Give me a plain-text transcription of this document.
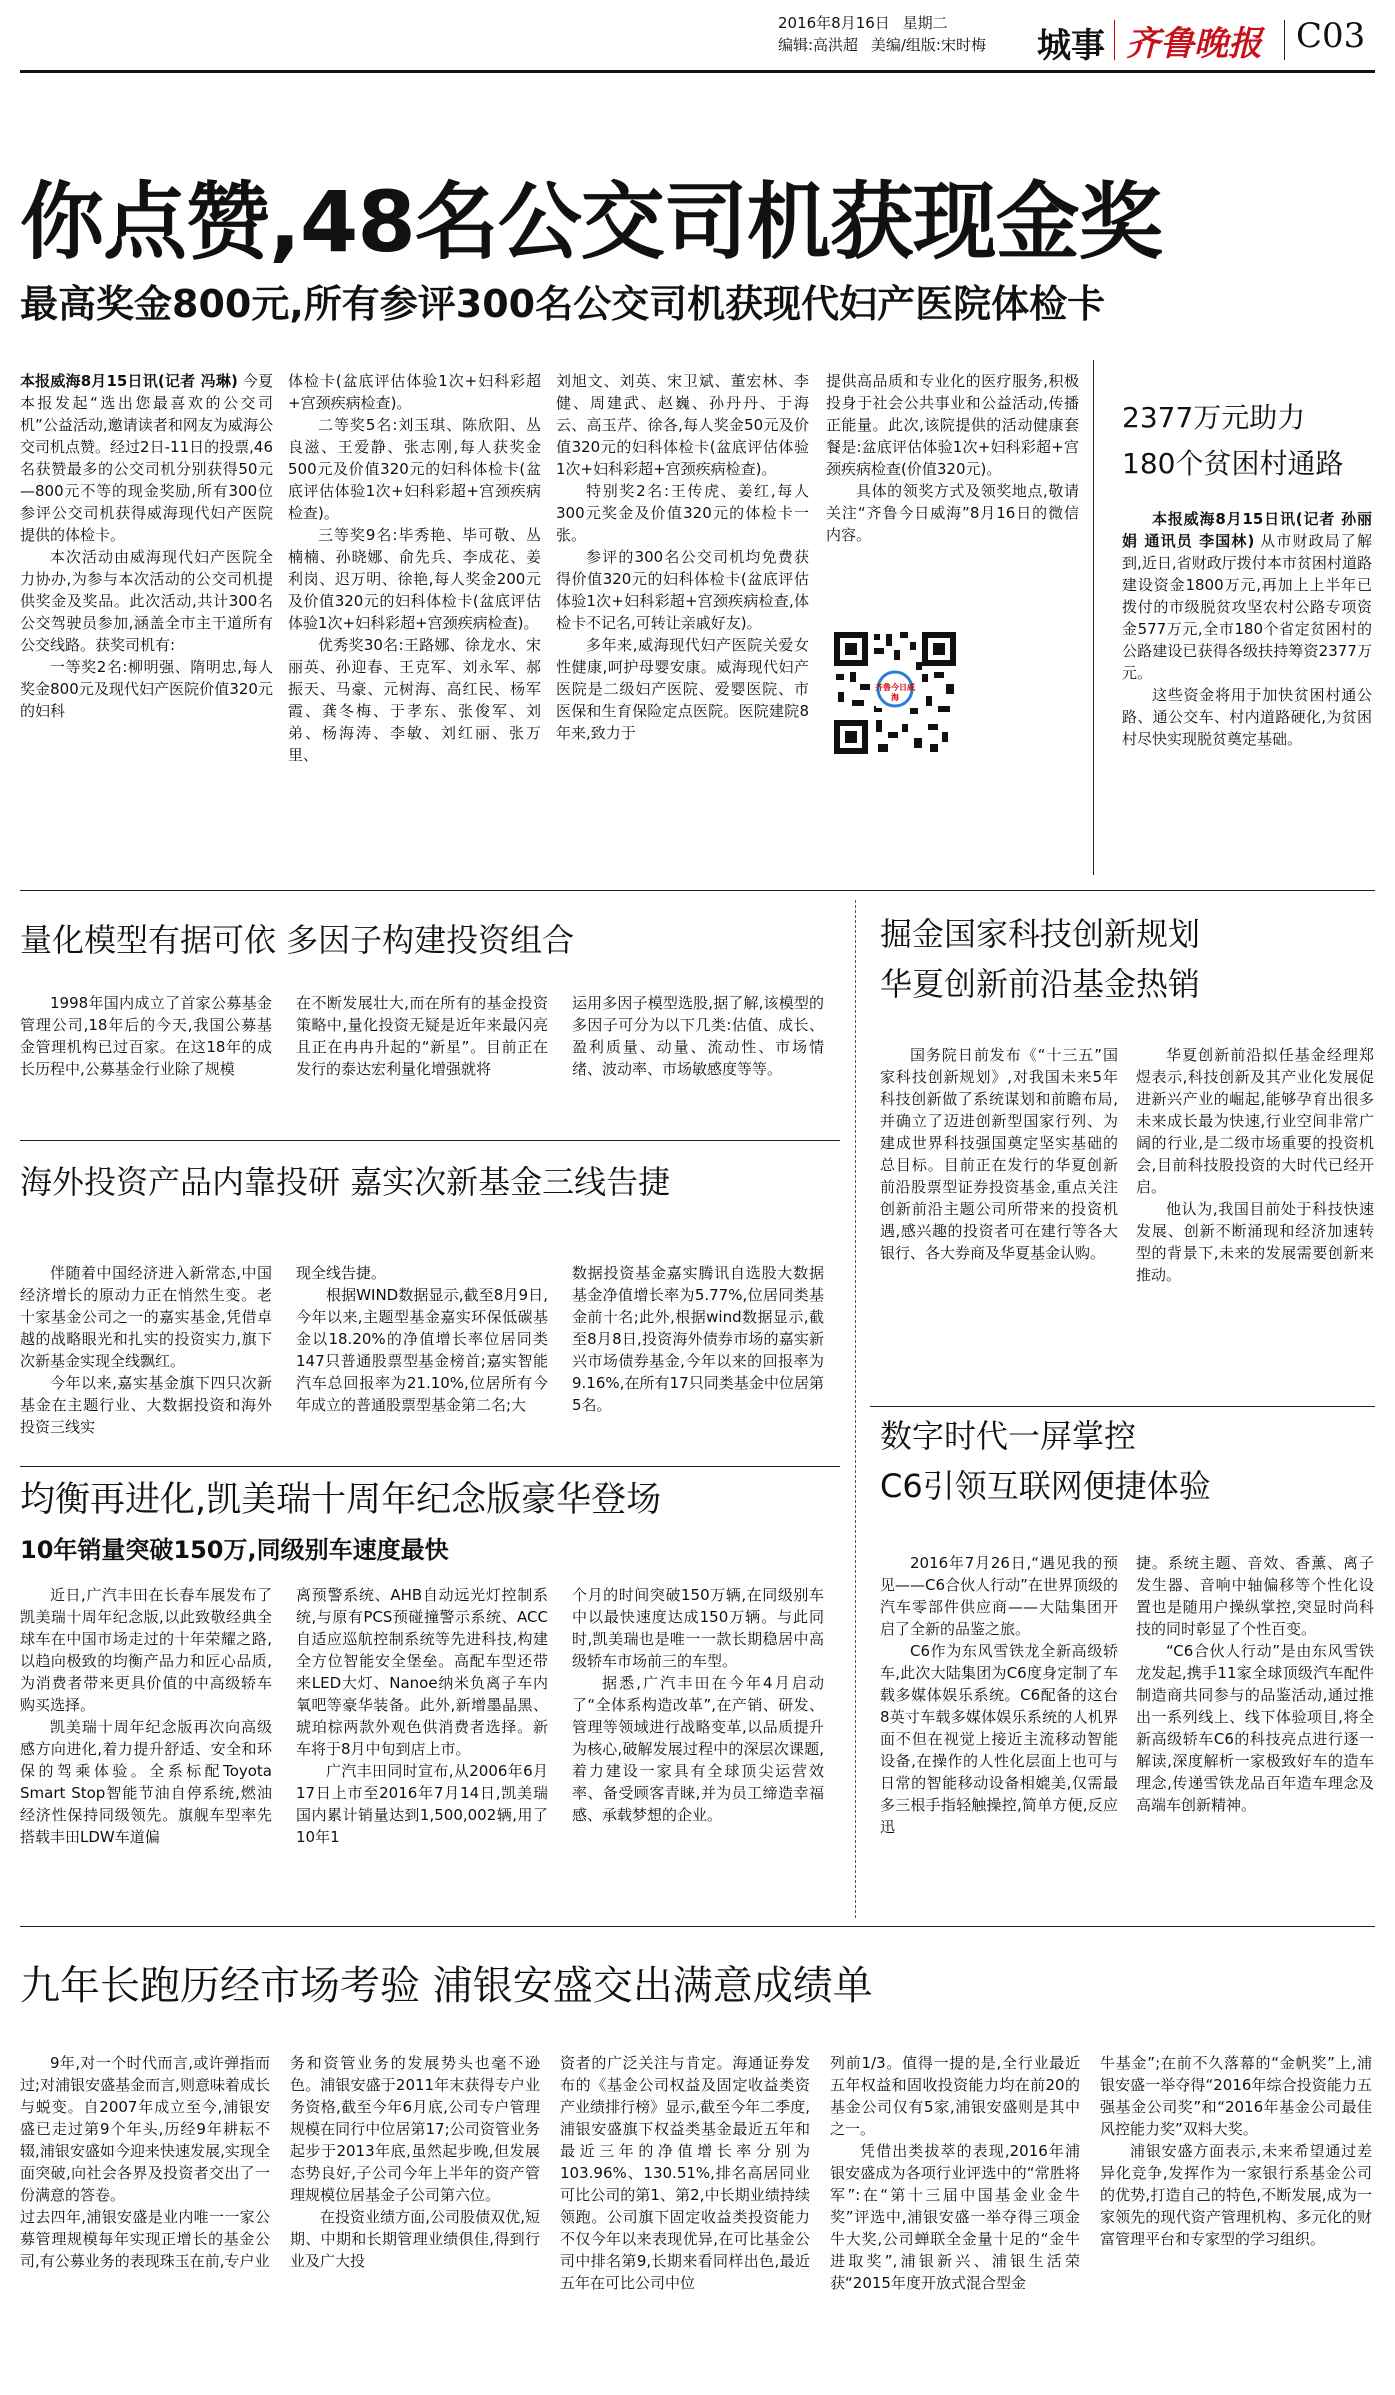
2016年8月16日 星期二
编辑:高洪超 美编/组版:宋时梅 城事 齐鲁晚报 C03
你点赞,48名公交司机获现金奖
最高奖金800元,所有参评300名公交司机获现代妇产医院体检卡

本报威海8月15日讯(记者 冯琳) 今夏本报发起“选出您最喜欢的公交司机”公益活动,邀请读者和网友为威海公交司机点赞。经过2日-11日的投票,46名获赞最多的公交司机分别获得50元—800元不等的现金奖励,所有300位参评公交司机获得威海现代妇产医院提供的体检卡。

本次活动由威海现代妇产医院全力协办,为参与本次活动的公交司机提供奖金及奖品。此次活动,共计300名公交驾驶员参加,涵盖全市主干道所有公交线路。获奖司机有:

一等奖2名:柳明强、隋明忠,每人奖金800元及现代妇产医院价值320元的妇科

体检卡(盆底评估体验1次+妇科彩超+宫颈疾病检查)。

二等奖5名:刘玉琪、陈欣阳、丛良滋、王爱静、张志刚,每人获奖金500元及价值320元的妇科体检卡(盆底评估体验1次+妇科彩超+宫颈疾病检查)。

三等奖9名:毕秀艳、毕可敬、丛楠楠、孙晓娜、俞先兵、李成花、姜利岗、迟万明、徐艳,每人奖金200元及价值320元的妇科体检卡(盆底评估体验1次+妇科彩超+宫颈疾病检查)。

优秀奖30名:王路娜、徐龙水、宋丽英、孙迎春、王克军、刘永军、郝振天、马豪、元树海、高红民、杨军霞、龚冬梅、于孝东、张俊军、刘弟、杨海涛、李敏、刘红丽、张万里、

刘旭文、刘英、宋卫斌、董宏林、李健、周建武、赵巍、孙丹丹、于海云、高玉芹、徐各,每人奖金50元及价值320元的妇科体检卡(盆底评估体验1次+妇科彩超+宫颈疾病检查)。

特别奖2名:王传虎、姜红,每人300元奖金及价值320元的体检卡一张。

参评的300名公交司机均免费获得价值320元的妇科体检卡(盆底评估体验1次+妇科彩超+宫颈疾病检查,体检卡不记名,可转让亲戚好友)。

多年来,威海现代妇产医院关爱女性健康,呵护母婴安康。威海现代妇产医院是二级妇产医院、爱婴医院、市医保和生育保险定点医院。医院建院8年来,致力于

提供高品质和专业化的医疗服务,积极投身于社会公共事业和公益活动,传播正能量。此次,该院提供的活动健康套餐是:盆底评估体验1次+妇科彩超+宫颈疾病检查(价值320元)。

具体的领奖方式及领奖地点,敬请关注“齐鲁今日威海”8月16日的微信内容。

齐鲁今日威海
2377万元助力
180个贫困村通路

本报威海8月15日讯(记者 孙丽娟 通讯员 李国林) 从市财政局了解到,近日,省财政厅拨付本市贫困村道路建设资金1800万元,再加上上半年已拨付的市级脱贫攻坚农村公路专项资金577万元,全市180个省定贫困村的公路建设已获得各级扶持筹资2377万元。

这些资金将用于加快贫困村通公路、通公交车、村内道路硬化,为贫困村尽快实现脱贫奠定基础。

量化模型有据可依 多因子构建投资组合

1998年国内成立了首家公募基金管理公司,18年后的今天,我国公募基金管理机构已过百家。在这18年的成长历程中,公募基金行业除了规模

在不断发展壮大,而在所有的基金投资策略中,量化投资无疑是近年来最闪亮且正在冉冉升起的“新星”。目前正在发行的泰达宏利量化增强就将

运用多因子模型选股,据了解,该模型的多因子可分为以下几类:估值、成长、盈利质量、动量、流动性、市场情绪、波动率、市场敏感度等等。

海外投资产品内靠投研 嘉实次新基金三线告捷

伴随着中国经济进入新常态,中国经济增长的原动力正在悄然生变。老十家基金公司之一的嘉实基金,凭借卓越的战略眼光和扎实的投资实力,旗下次新基金实现全线飘红。

今年以来,嘉实基金旗下四只次新基金在主题行业、大数据投资和海外投资三线实

现全线告捷。

根据WIND数据显示,截至8月9日,今年以来,主题型基金嘉实环保低碳基金以18.20%的净值增长率位居同类147只普通股票型基金榜首;嘉实智能汽车总回报率为21.10%,位居所有今年成立的普通股票型基金第二名;大

数据投资基金嘉实腾讯自选股大数据基金净值增长率为5.77%,位居同类基金前十名;此外,根据wind数据显示,截至8月8日,投资海外债券市场的嘉实新兴市场债券基金,今年以来的回报率为9.16%,在所有17只同类基金中位居第5名。

掘金国家科技创新规划
华夏创新前沿基金热销

国务院日前发布《“十三五”国家科技创新规划》,对我国未来5年科技创新做了系统谋划和前瞻布局,并确立了迈进创新型国家行列、为建成世界科技强国奠定坚实基础的总目标。目前正在发行的华夏创新前沿股票型证券投资基金,重点关注创新前沿主题公司所带来的投资机遇,感兴趣的投资者可在建行等各大银行、各大券商及华夏基金认购。

华夏创新前沿拟任基金经理郑煜表示,科技创新及其产业化发展促进新兴产业的崛起,能够孕育出很多未来成长最为快速,行业空间非常广阔的行业,是二级市场重要的投资机会,目前科技股投资的大时代已经开启。

他认为,我国目前处于科技快速发展、创新不断涌现和经济加速转型的背景下,未来的发展需要创新来推动。

均衡再进化,凯美瑞十周年纪念版豪华登场
10年销量突破150万,同级别车速度最快

近日,广汽丰田在长春车展发布了凯美瑞十周年纪念版,以此致敬经典全球车在中国市场走过的十年荣耀之路,以趋向极致的均衡产品力和匠心品质,为消费者带来更具价值的中高级轿车购买选择。

凯美瑞十周年纪念版再次向高级感方向进化,着力提升舒适、安全和环保的驾乘体验。全系标配Toyota Smart Stop智能节油自停系统,燃油经济性保持同级领先。旗舰车型率先搭载丰田LDW车道偏

离预警系统、AHB自动远光灯控制系统,与原有PCS预碰撞警示系统、ACC自适应巡航控制系统等先进科技,构建全方位智能安全堡垒。高配车型还带来LED大灯、Nanoe纳米负离子车内氧吧等豪华装备。此外,新增墨晶黑、琥珀棕两款外观色供消费者选择。新车将于8月中旬到店上市。

广汽丰田同时宣布,从2006年6月17日上市至2016年7月14日,凯美瑞国内累计销量达到1,500,002辆,用了10年1

个月的时间突破150万辆,在同级别车中以最快速度达成150万辆。与此同时,凯美瑞也是唯一一款长期稳居中高级轿车市场前三的车型。

据悉,广汽丰田在今年4月启动了“全体系构造改革”,在产销、研发、管理等领域进行战略变革,以品质提升为核心,破解发展过程中的深层次课题,着力建设一家具有全球顶尖运营效率、备受顾客青睐,并为员工缔造幸福感、承载梦想的企业。

数字时代一屏掌控
C6引领互联网便捷体验

2016年7月26日,“遇见我的预见——C6合伙人行动”在世界顶级的汽车零部件供应商——大陆集团开启了全新的品鉴之旅。

C6作为东风雪铁龙全新高级轿车,此次大陆集团为C6度身定制了车载多媒体娱乐系统。C6配备的这台8英寸车载多媒体娱乐系统的人机界面不但在视觉上接近主流移动智能设备,在操作的人性化层面上也可与日常的智能移动设备相媲美,仅需最多三根手指轻触操控,简单方便,反应迅

捷。系统主题、音效、香薰、离子发生器、音响中轴偏移等个性化设置也是随用户操纵掌控,突显时尚科技的同时彰显了个性百变。

“C6合伙人行动”是由东风雪铁龙发起,携手11家全球顶级汽车配件制造商共同参与的品鉴活动,通过推出一系列线上、线下体验项目,将全新高级轿车C6的科技亮点进行逐一解读,深度解析一家极致好车的造车理念,传递雪铁龙品百年造车理念及高端车创新精神。

九年长跑历经市场考验 浦银安盛交出满意成绩单

9年,对一个时代而言,或许弹指而过;对浦银安盛基金而言,则意味着成长与蜕变。自2007年成立至今,浦银安盛已走过第9个年头,历经9年耕耘不辍,浦银安盛如今迎来快速发展,实现全面突破,向社会各界及投资者交出了一份满意的答卷。

过去四年,浦银安盛是业内唯一一家公募管理规模每年实现正增长的基金公司,有公募业务的表现珠玉在前,专户业

务和资管业务的发展势头也毫不逊色。浦银安盛于2011年末获得专户业务资格,截至今年6月底,公司专户管理规模在同行中位居第17;公司资管业务起步于2013年底,虽然起步晚,但发展态势良好,子公司今年上半年的资产管理规模位居基金子公司第六位。

在投资业绩方面,公司股债双优,短期、中期和长期管理业绩俱佳,得到行业及广大投

资者的广泛关注与肯定。海通证券发布的《基金公司权益及固定收益类资产业绩排行榜》显示,截至今年二季度,浦银安盛旗下权益类基金最近五年和最近三年的净值增长率分别为103.96%、130.51%,排名高居同业可比公司的第1、第2,中长期业绩持续领跑。公司旗下固定收益类投资能力不仅今年以来表现优异,在可比基金公司中排名第9,长期来看同样出色,最近五年在可比公司中位

列前1/3。值得一提的是,全行业最近五年权益和固收投资能力均在前20的基金公司仅有5家,浦银安盛则是其中之一。

凭借出类拔萃的表现,2016年浦银安盛成为各项行业评选中的“常胜将军”:在“第十三届中国基金业金牛奖”评选中,浦银安盛一举夺得三项金牛大奖,公司蝉联全金量十足的“金牛进取奖”,浦银新兴、浦银生活荣获“2015年度开放式混合型金

牛基金”;在前不久落幕的“金帆奖”上,浦银安盛一举夺得“2016年综合投资能力五强基金公司奖”和“2016年基金公司最佳风控能力奖”双料大奖。

浦银安盛方面表示,未来希望通过差异化竞争,发挥作为一家银行系基金公司的优势,打造自己的特色,不断发展,成为一家领先的现代资产管理机构、多元化的财富管理平台和专家型的学习组织。
